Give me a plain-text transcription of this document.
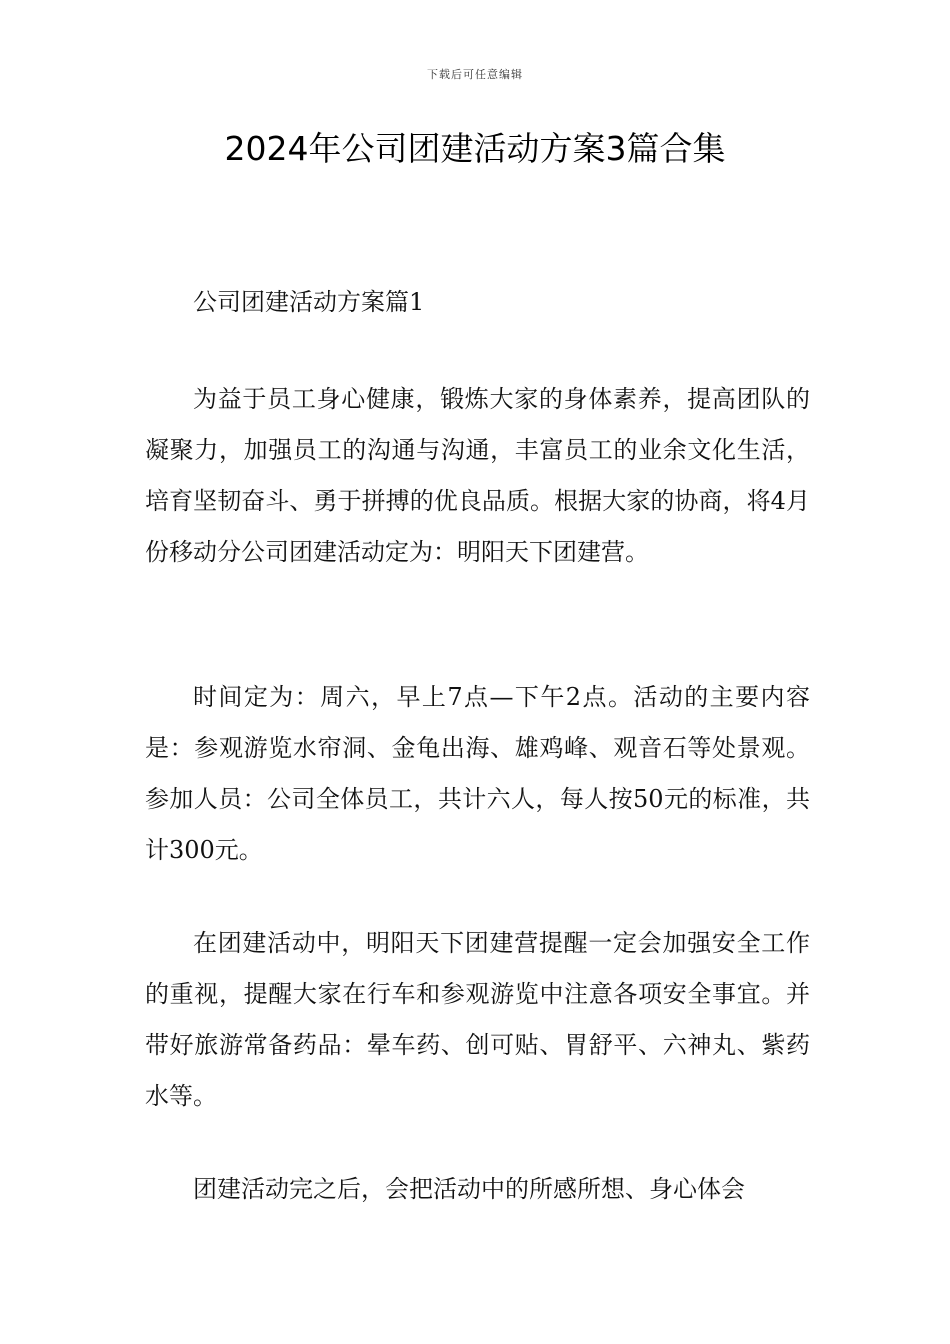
下载后可任意编辑
2024年公司团建活动方案3篇合集

公司团建活动方案篇1

为益于员工身心健康，锻炼大家的身体素养，提高团队的凝聚力，加强员工的沟通与沟通，丰富员工的业余文化生活，培育坚韧奋斗、勇于拼搏的优良品质。根据大家的协商，将4月份移动分公司团建活动定为：明阳天下团建营。

时间定为：周六，早上7点—下午2点。活动的主要内容是：参观游览水帘洞、金龟出海、雄鸡峰、观音石等处景观。参加人员：公司全体员工，共计六人，每人按50元的标准，共计300元。

在团建活动中，明阳天下团建营提醒一定会加强安全工作的重视，提醒大家在行车和参观游览中注意各项安全事宜。并带好旅游常备药品：晕车药、创可贴、胃舒平、六神丸、紫药水等。

团建活动完之后，会把活动中的所感所想、身心体会
